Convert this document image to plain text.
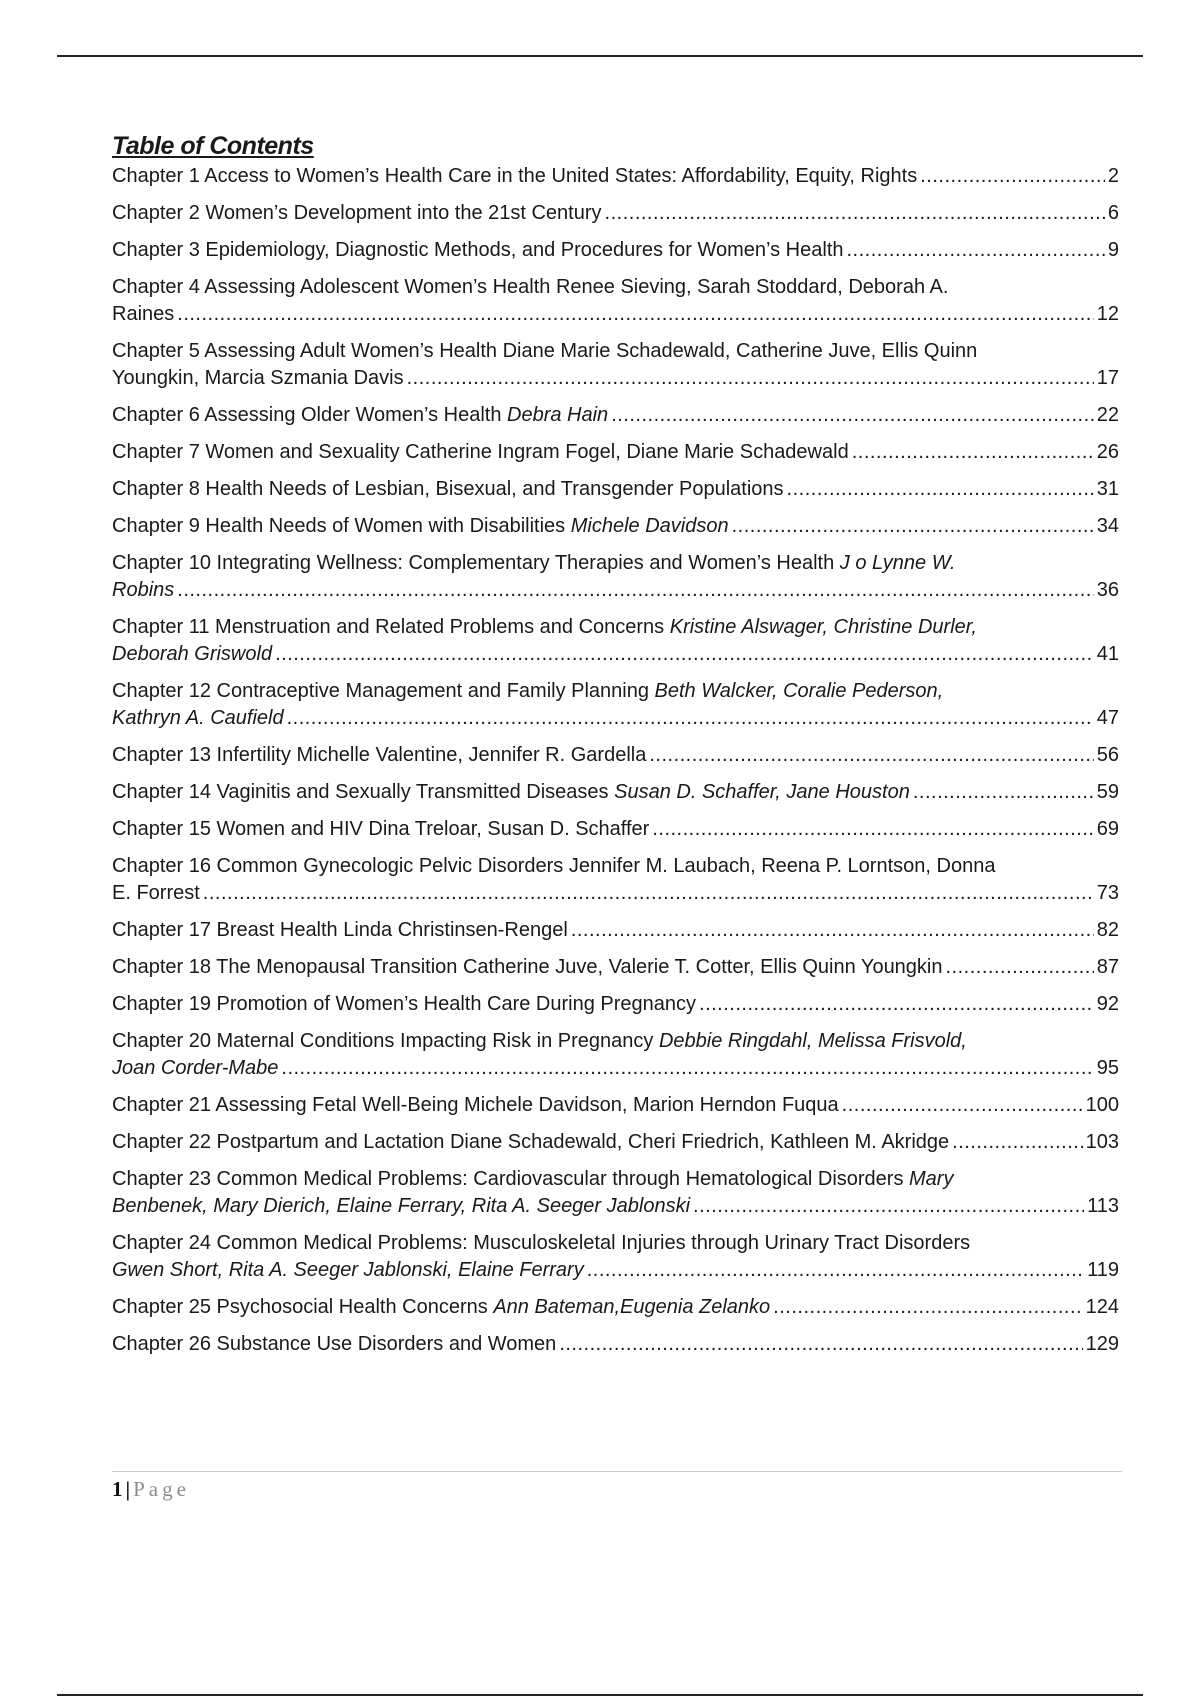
Table of Contents
Chapter 1 Access to Women’s Health Care in the United States: Affordability, Equity, Rights .....	2
Chapter 2 Women’s Development into the 21st Century .....	6
Chapter 3 Epidemiology, Diagnostic Methods, and Procedures for Women’s Health .....	9
Chapter 4 Assessing Adolescent Women’s Health Renee Sieving, Sarah Stoddard, Deborah A.
Raines .....	12
Chapter 5 Assessing Adult Women’s Health Diane Marie Schadewald, Catherine Juve, Ellis Quinn
Youngkin, Marcia Szmania Davis .....	17
Chapter 6 Assessing Older Women’s Health Debra Hain .....	22
Chapter 7 Women and Sexuality Catherine Ingram Fogel, Diane Marie Schadewald .....	26
Chapter 8 Health Needs of Lesbian, Bisexual, and Transgender Populations .....	31
Chapter 9 Health Needs of Women with Disabilities Michele Davidson .....	34
Chapter 10 Integrating Wellness: Complementary Therapies and Women’s Health J o Lynne W.
Robins .....	36
Chapter 11 Menstruation and Related Problems and Concerns Kristine Alswager, Christine Durler,
Deborah Griswold .....	41
Chapter 12 Contraceptive Management and Family Planning Beth Walcker, Coralie Pederson,
Kathryn A. Caufield .....	47
Chapter 13 Infertility Michelle Valentine, Jennifer R. Gardella .....	56
Chapter 14 Vaginitis and Sexually Transmitted Diseases Susan D. Schaffer, Jane Houston .....	59
Chapter 15 Women and HIV Dina Treloar, Susan D. Schaffer .....	69
Chapter 16 Common Gynecologic Pelvic Disorders Jennifer M. Laubach, Reena P. Lorntson, Donna
E. Forrest .....	73
Chapter 17 Breast Health Linda Christinsen-Rengel .....	82
Chapter 18 The Menopausal Transition Catherine Juve, Valerie T. Cotter, Ellis Quinn Youngkin .....	87
Chapter 19 Promotion of Women’s Health Care During Pregnancy .....	92
Chapter 20 Maternal Conditions Impacting Risk in Pregnancy Debbie Ringdahl, Melissa Frisvold,
Joan Corder-Mabe .....	95
Chapter 21 Assessing Fetal Well-Being Michele Davidson, Marion Herndon Fuqua .....	100
Chapter 22 Postpartum and Lactation Diane Schadewald, Cheri Friedrich, Kathleen M. Akridge .....	103
Chapter 23 Common Medical Problems: Cardiovascular through Hematological Disorders Mary
Benbenek, Mary Dierich, Elaine Ferrary, Rita A. Seeger Jablonski .....	113
Chapter 24 Common Medical Problems: Musculoskeletal Injuries through Urinary Tract Disorders
Gwen Short, Rita A. Seeger Jablonski, Elaine Ferrary .....	119
Chapter 25 Psychosocial Health Concerns Ann Bateman,Eugenia Zelanko .....	124
Chapter 26 Substance Use Disorders and Women .....	129
1 | Page
